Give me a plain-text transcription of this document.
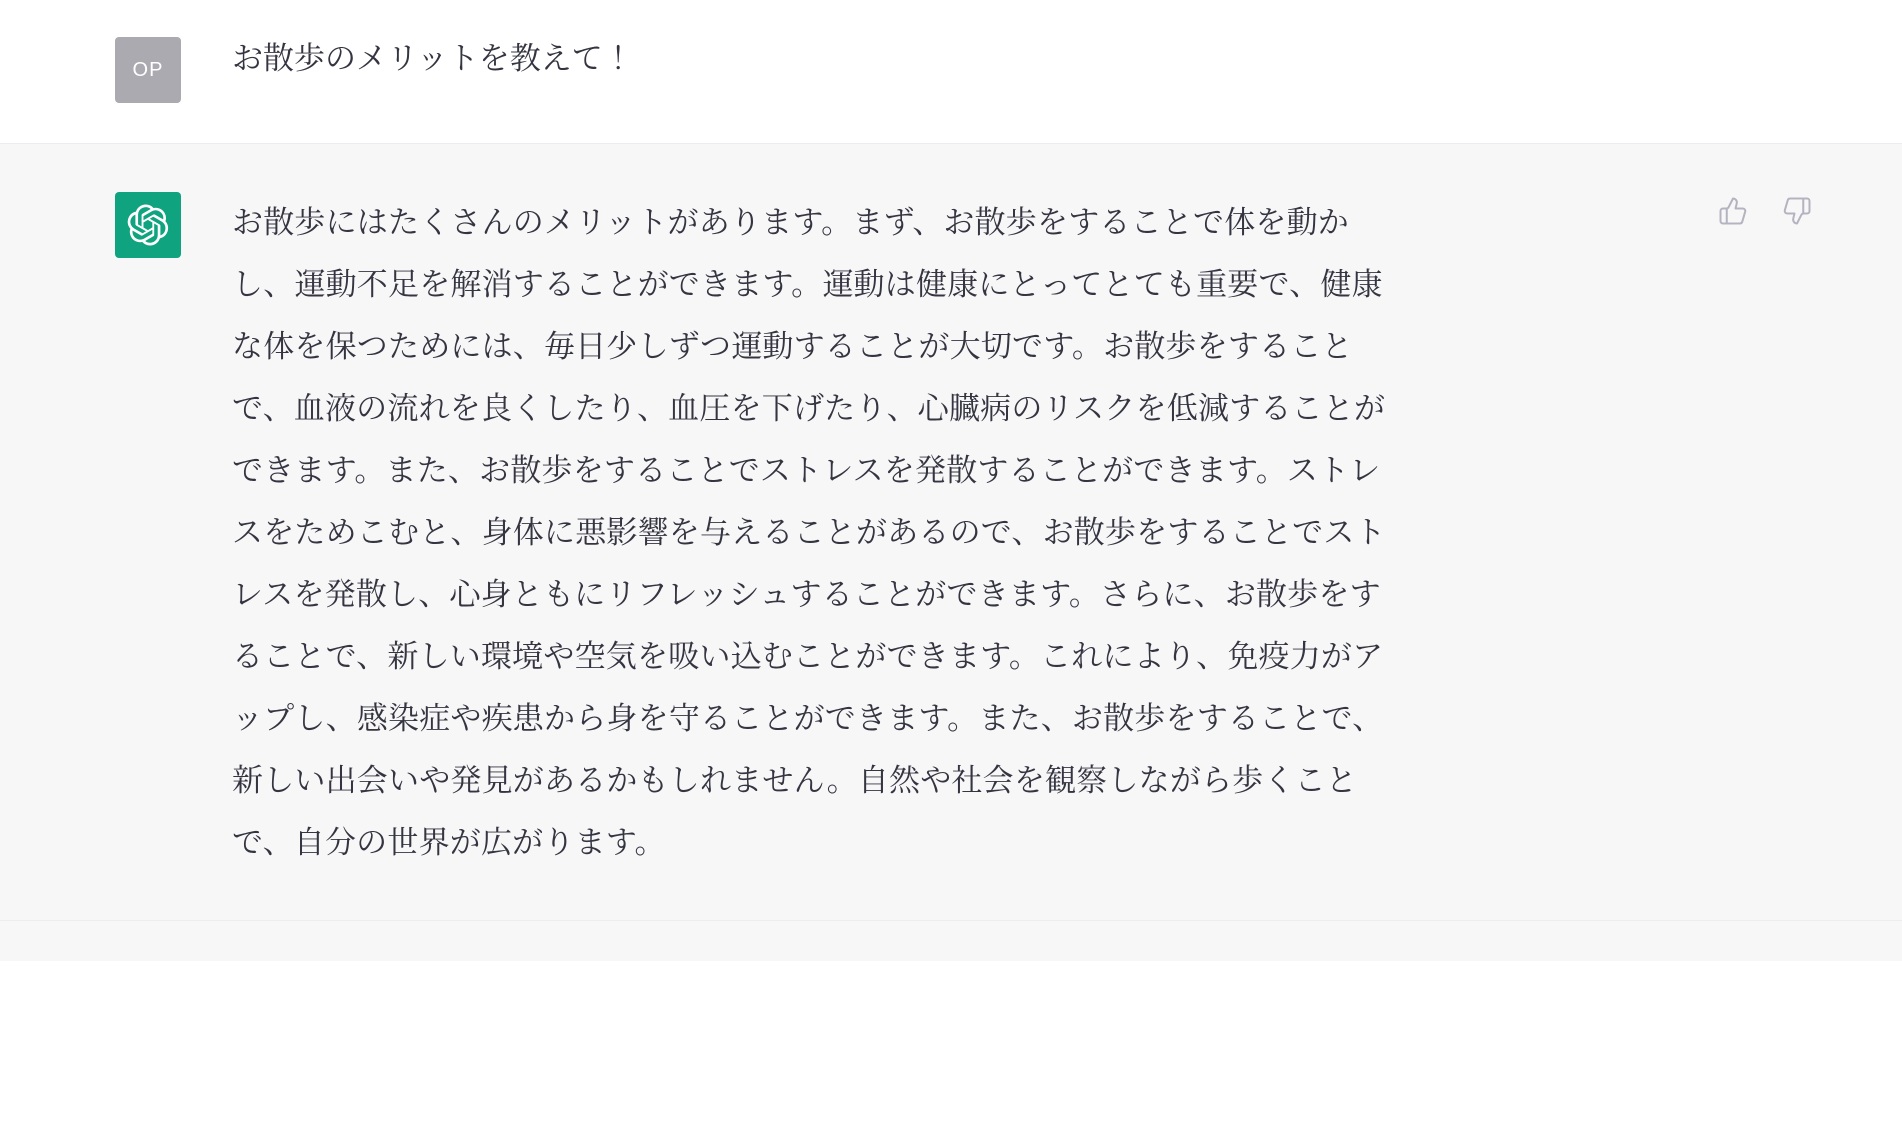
OP	お散歩のメリットを教えて！
お散歩にはたくさんのメリットがあります。まず、お散歩をすることで体を動かし、運動不足を解消することができます。運動は健康にとってとても重要で、健康な体を保つためには、毎日少しずつ運動することが大切です。お散歩をすることで、血液の流れを良くしたり、血圧を下げたり、心臓病のリスクを低減することができます。また、お散歩をすることでストレスを発散することができます。ストレスをためこむと、身体に悪影響を与えることがあるので、お散歩をすることでストレスを発散し、心身ともにリフレッシュすることができます。さらに、お散歩をすることで、新しい環境や空気を吸い込むことができます。これにより、免疫力がアップし、感染症や疾患から身を守ることができます。また、お散歩をすることで、新しい出会いや発見があるかもしれません。自然や社会を観察しながら歩くことで、自分の世界が広がります。
